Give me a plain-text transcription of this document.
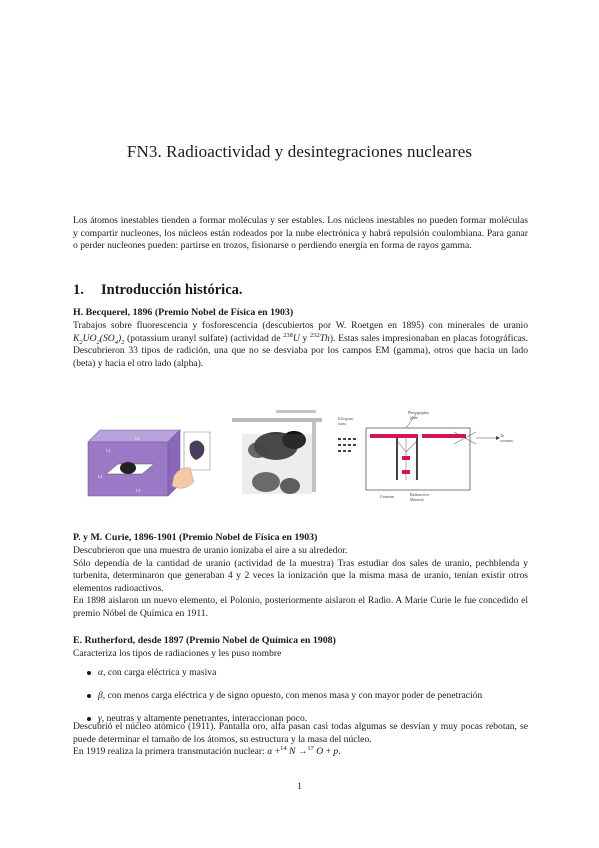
FN3. Radioactividad y desintegraciones nucleares

Los átomos inestables tienden a formar moléculas y ser estables. Los núcleos inestables no pueden formar moléculas y compartir nucleones, los núcleos están rodeados por la nube electrónica y habrá repulsión coulombiana. Para ganar o perder nucleones pueden: partirse en trozos, fisionarse o perdiendo energía en forma de rayos gamma.

1. Introducción histórica.
H. Becquerel, 1896 (Premio Nobel de Física en 1903)

Trabajos sobre fluorescencia y fosforescencia (descubiertos por W. Roetgen en 1895) con minerales de uranio $K_2UO_2(SO_4)_2$ (potassium uranyl sulfate) (actividad de $^{238}$U y $^{232}$Th). Estas sales impresionaban en placas fotográficas. Descubrieron 33 tipos de radición, una que no se desviaba por los campos EM (gamma), otros que hacia un lado (beta) y hacia el otro lado (alpha).

CL
CL
CL
CL
Kilogram
mass
Photographic
plate
Uranium	Radioactive
Material
To
vacuum
P. y M. Curie, 1896-1901 (Premio Nobel de Física en 1903)

Descubrieron que una muestra de uranio ionizaba el aire a su alrededor.

Sólo dependía de la cantidad de uranio (actividad de la muestra) Tras estudiar dos sales de uranio, pechblenda y turbenita, determinaron que generaban 4 y 2 veces la ionización que la misma masa de uranio, tenían existir otros elementos radioactivos.

En 1898 aislaron un nuevo elemento, el Polonio, posteriormente aislaron el Radio. A Marie Curie le fue concedido el premio Nóbel de Química en 1911.

E. Rutherford, desde 1897 (Premio Nobel de Química en 1908)

Caracteriza los tipos de radiaciones y les puso nombre

α, con carga eléctrica y masiva
β, con menos carga eléctrica y de signo opuesto, con menos masa y con mayor poder de penetración
γ, neutras y altamente penetrantes, interaccionan poco.

Descubrió el núcleo atómico (1911). Pantalla oro, alfa pasan casi todas algumas se desvían y muy pocas rebotan, se puede determinar el tamaño de los átomos, su estructura y la masa del núcleo.

En 1919 realiza la primera transmutación nuclear: α +$^{14}$ N →$^{17}$ O + p.

1
